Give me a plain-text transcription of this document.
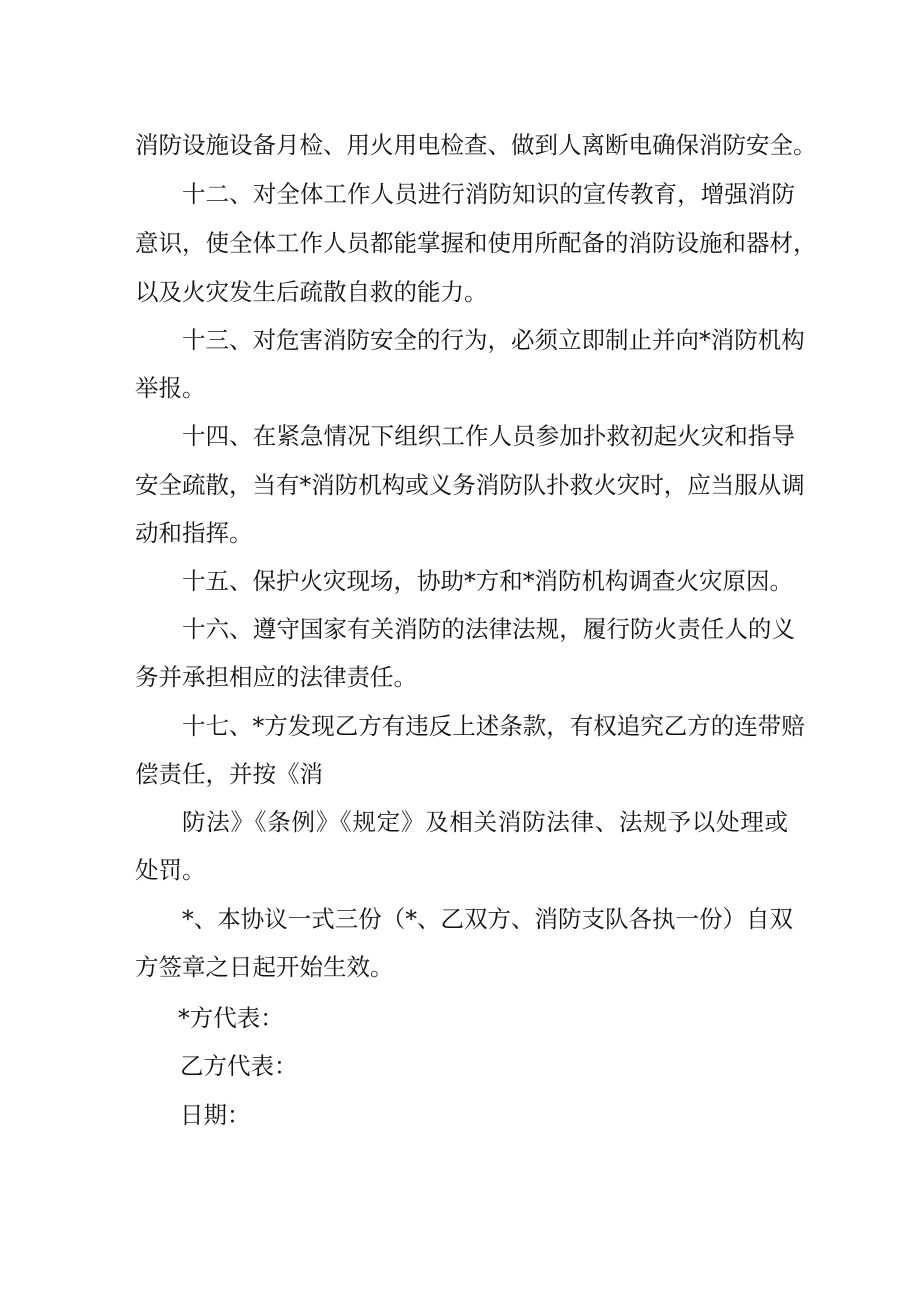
消防设施设备月检、用火用电检查、做到人离断电确保消防安全。
十二、对全体工作人员进行消防知识的宣传教育，增强消防
意识，使全体工作人员都能掌握和使用所配备的消防设施和器材，
以及火灾发生后疏散自救的能力。
十三、对危害消防安全的行为，必须立即制止并向*消防机构
举报。
十四、在紧急情况下组织工作人员参加扑救初起火灾和指导
安全疏散，当有*消防机构或义务消防队扑救火灾时，应当服从调
动和指挥。
十五、保护火灾现场，协助*方和*消防机构调查火灾原因。
十六、遵守国家有关消防的法律法规，履行防火责任人的义
务并承担相应的法律责任。
十七、*方发现乙方有违反上述条款，有权追究乙方的连带赔
偿责任，并按《消
防法》《条例》《规定》及相关消防法律、法规予以处理或
处罚。
*、本协议一式三份（*、乙双方、消防支队各执一份）自双
方签章之日起开始生效。
*方代表：
乙方代表：
日期：
